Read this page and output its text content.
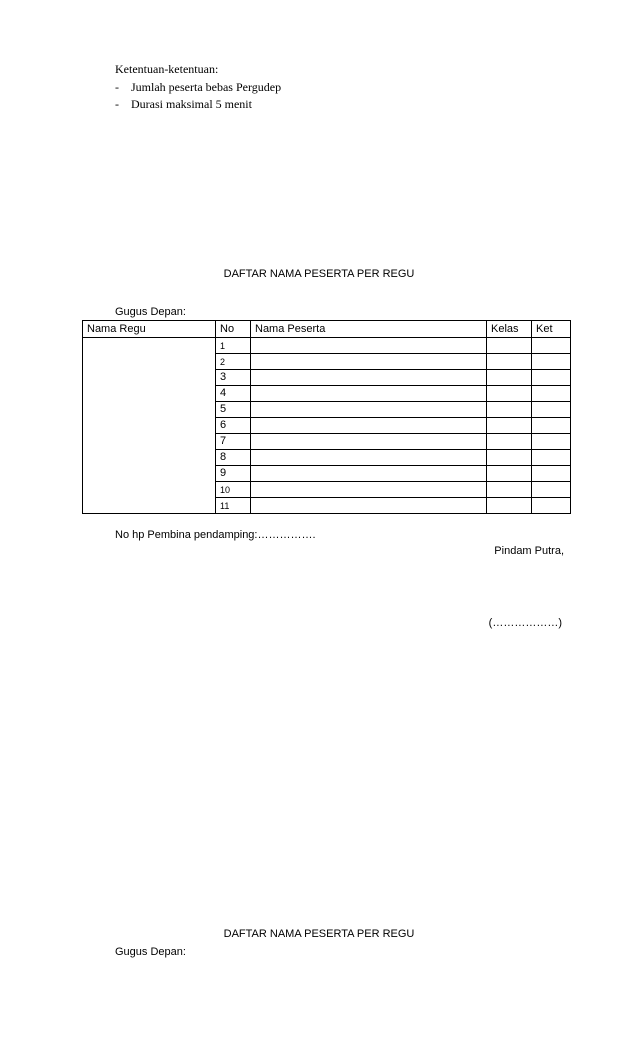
Ketentuan-ketentuan:
- Jumlah peserta bebas Pergudep
- Durasi maksimal 5 menit
DAFTAR NAMA PESERTA PER REGU
Gugus Depan:
Nama Regu	No	Nama Peserta	Kelas	Ket
	1			
	2			
	3			
	4			
	5			
	6			
	7			
	8			
	9			
	10			
	11			
No hp Pembina pendamping:…………….
Pindam Putra,
(………………)
DAFTAR NAMA PESERTA PER REGU
Gugus Depan:
